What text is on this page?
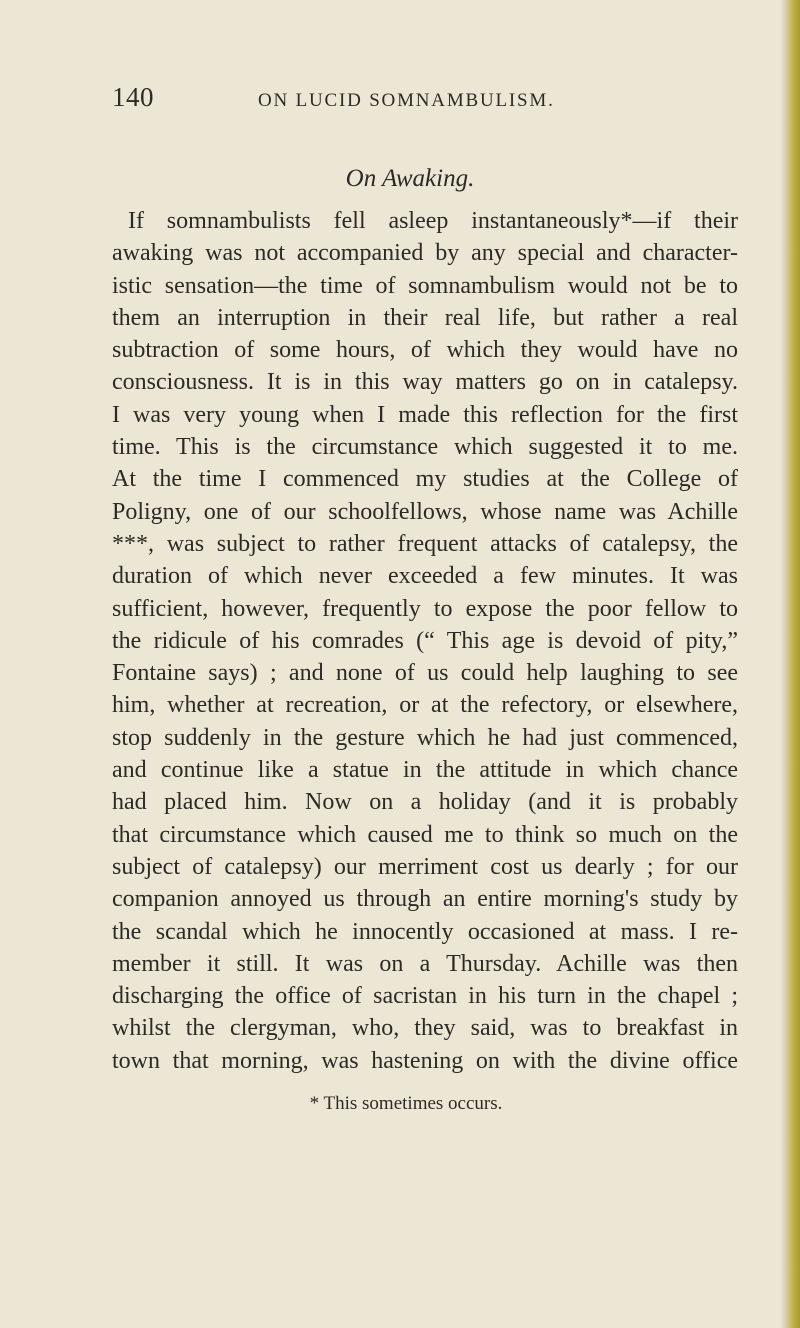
140	ON LUCID SOMNAMBULISM.
On Awaking.
If somnambulists fell asleep instantaneously*—if their
awaking was not accompanied by any special and character-
istic sensation—the time of somnambulism would not be to
them an interruption in their real life, but rather a real
subtraction of some hours, of which they would have no
consciousness. It is in this way matters go on in catalepsy.
I was very young when I made this reflection for the first
time. This is the circumstance which suggested it to me.
At the time I commenced my studies at the College of
Poligny, one of our schoolfellows, whose name was Achille
***, was subject to rather frequent attacks of catalepsy, the
duration of which never exceeded a few minutes. It was
sufficient, however, frequently to expose the poor fellow to
the ridicule of his comrades (“ This age is devoid of pity,”
Fontaine says) ; and none of us could help laughing to see
him, whether at recreation, or at the refectory, or elsewhere,
stop suddenly in the gesture which he had just commenced,
and continue like a statue in the attitude in which chance
had placed him. Now on a holiday (and it is probably
that circumstance which caused me to think so much on the
subject of catalepsy) our merriment cost us dearly ; for our
companion annoyed us through an entire morning's study by
the scandal which he innocently occasioned at mass. I re-
member it still. It was on a Thursday. Achille was then
discharging the office of sacristan in his turn in the chapel ;
whilst the clergyman, who, they said, was to breakfast in
town that morning, was hastening on with the divine office
* This sometimes occurs.
